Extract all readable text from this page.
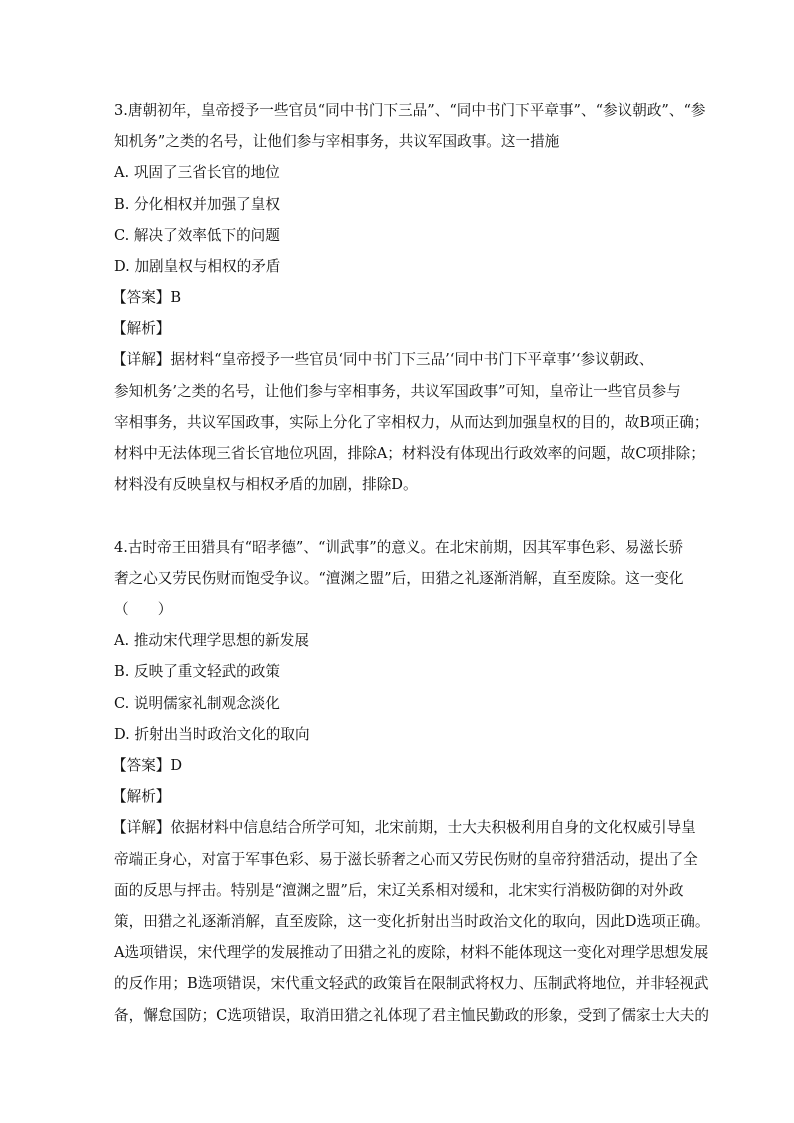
3.唐朝初年，皇帝授予一些官员“同中书门下三品”、“同中书门下平章事”、“参议朝政”、“参
知机务”之类的名号，让他们参与宰相事务，共议军国政事。这一措施
A. 巩固了三省长官的地位
B. 分化相权并加强了皇权
C. 解决了效率低下的问题
D. 加剧皇权与相权的矛盾
【答案】B
【解析】
【详解】据材料“皇帝授予一些官员‘同中书门下三品’‘同中书门下平章事’‘参议朝政、
参知机务’之类的名号，让他们参与宰相事务，共议军国政事”可知，皇帝让一些官员参与
宰相事务，共议军国政事，实际上分化了宰相权力，从而达到加强皇权的目的，故B项正确；
材料中无法体现三省长官地位巩固，排除A；材料没有体现出行政效率的问题，故C项排除；
材料没有反映皇权与相权矛盾的加剧，排除D。
4.古时帝王田猎具有“昭孝德”、“训武事”的意义。在北宋前期，因其军事色彩、易滋长骄
奢之心又劳民伤财而饱受争议。“澶渊之盟”后，田猎之礼逐渐消解，直至废除。这一变化
（　　）
A. 推动宋代理学思想的新发展
B. 反映了重文轻武的政策
C. 说明儒家礼制观念淡化
D. 折射出当时政治文化的取向
【答案】D
【解析】
【详解】依据材料中信息结合所学可知，北宋前期，士大夫积极利用自身的文化权威引导皇
帝端正身心，对富于军事色彩、易于滋长骄奢之心而又劳民伤财的皇帝狩猎活动，提出了全
面的反思与抨击。特别是“澶渊之盟”后，宋辽关系相对缓和，北宋实行消极防御的对外政
策，田猎之礼逐渐消解，直至废除，这一变化折射出当时政治文化的取向，因此D选项正确。
A选项错误，宋代理学的发展推动了田猎之礼的废除，材料不能体现这一变化对理学思想发展
的反作用；B选项错误，宋代重文轻武的政策旨在限制武将权力、压制武将地位，并非轻视武
备，懈怠国防；C选项错误，取消田猎之礼体现了君主恤民勤政的形象，受到了儒家士大夫的
